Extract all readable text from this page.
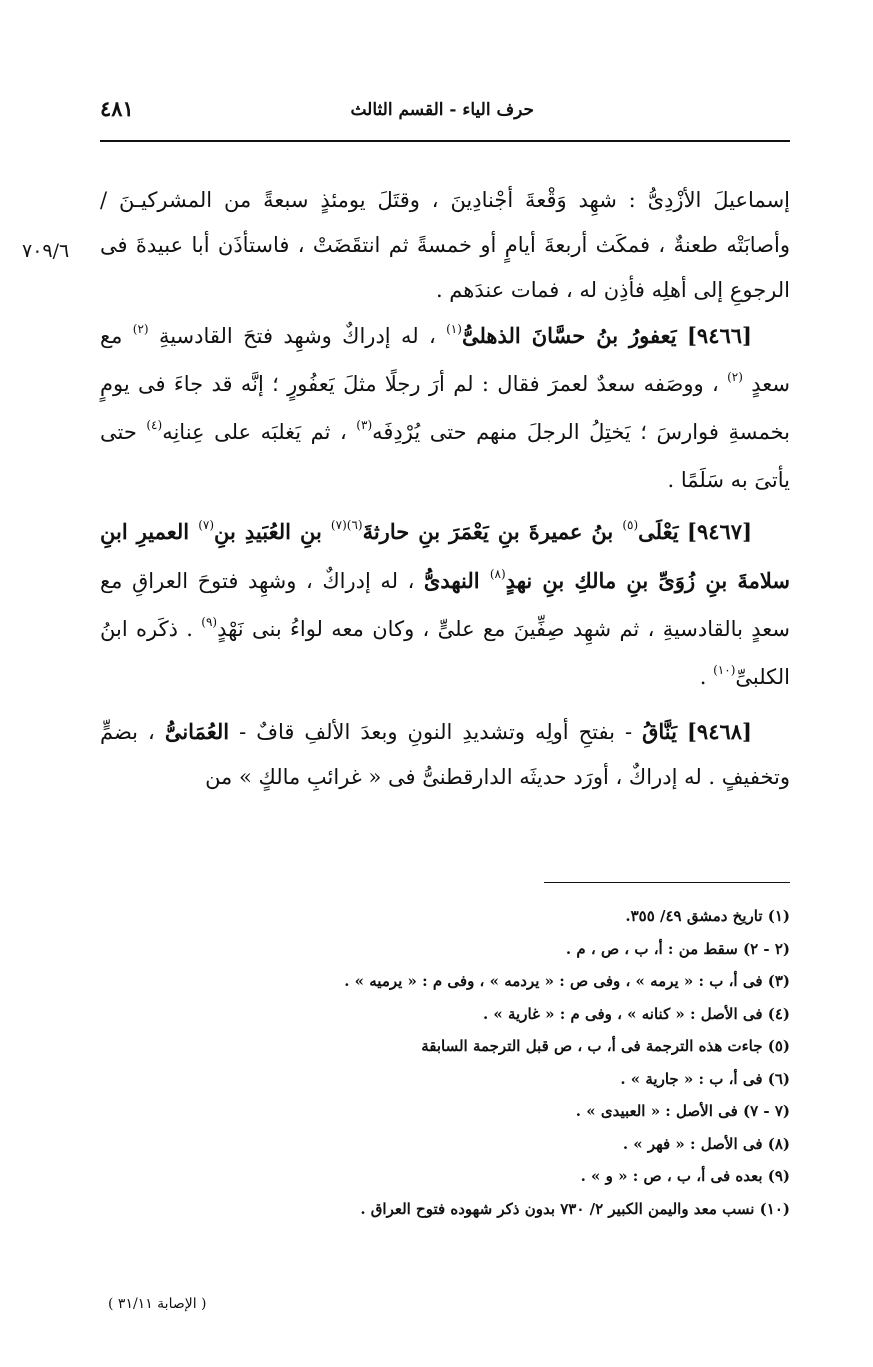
حرف الياء - القسم الثالث
٤٨١
٧٠٩/٦

إسماعيلَ الأزْدِىُّ : شهِد وَقْعةَ أجْنادِينَ ، وقتَلَ يومئذٍ سبعةً من المشركيـنَ /وأصابَتْه طعنةٌ ، فمكَث أربعةَ أيامٍ أو خمسةً ثم انتقَضَتْ ، فاستأذَن أبا عبيدةَ فى الرجوعِ إلى أهلِه فأذِن له ، فمات عندَهم .

[٩٤٦٦] يَعفورُ بنُ حسَّانَ الذهلىُّ$^{(١)}$ ، له إدراكٌ وشهِد فتحَ القادسيةِ $^{(٢)}$ مع سعدٍ $^{(٢)}$ ، ووصَفه سعدٌ لعمرَ فقال : لم أرَ رجلًا مثلَ يَعفُورٍ ؛ إنَّه قد جاءَ فى يومٍ بخمسةِ فوارسَ ؛ يَختِلُ الرجلَ منهم حتى يُرْدِفَه$^{(٣)}$ ، ثم يَغلبَه على عِنانِه$^{(٤)}$ حتى يأتىَ به سَلَمًا .

[٩٤٦٧] يَعْلَى$^{(٥)}$ بنُ عميرةَ بنِ يَعْمَرَ بنِ حارثةَ$^{(٦)(٧)}$ بنِ العُبَيدِ بنِ$^{(٧)}$ العميرِ ابنِ سلامةَ بنِ زُوَىِّ بنِ مالكِ بنِ نهدٍ$^{(٨)}$ النهدىُّ ، له إدراكٌ ، وشهِد فتوحَ العراقِ مع سعدٍ بالقادسيةِ ، ثم شهِد صِفِّينَ مع علىٍّ ، وكان معه لواءُ بنى نَهْدٍ$^{(٩)}$ . ذكَره ابنُ الكلبىِّ$^{(١٠)}$ .

[٩٤٦٨] يَنَّاقُ - بفتحِ أولِه وتشديدِ النونِ وبعدَ الألفِ قافٌ - العُمَانىُّ ، بضمٍّ وتخفيفٍ . له إدراكٌ ، أورَد حديثَه الدارقطنىُّ فى « غرائبِ مالكٍ » من

(١) تاريخ دمشق ٤٩/ ٣٥٥.
(٢ - ٢) سقط من : أ، ب ، ص ، م .
(٣) فى أ، ب : « يرمه » ، وفى ص : « يردمه » ، وفى م : « يرميه » .
(٤) فى الأصل : « كنانه » ، وفى م : « غارية » .
(٥) جاءت هذه الترجمة فى أ، ب ، ص قبل الترجمة السابقة
(٦) فى أ، ب : « جارية » .
(٧ - ٧) فى الأصل : « العبيدى » .
(٨) فى الأصل : « فهر » .
(٩) بعده فى أ، ب ، ص : « و » .
(١٠) نسب معد واليمن الكبير ٢/ ٧٣٠ بدون ذكر شهوده فتوح العراق .
( الإصابة ٣١/١١ )
